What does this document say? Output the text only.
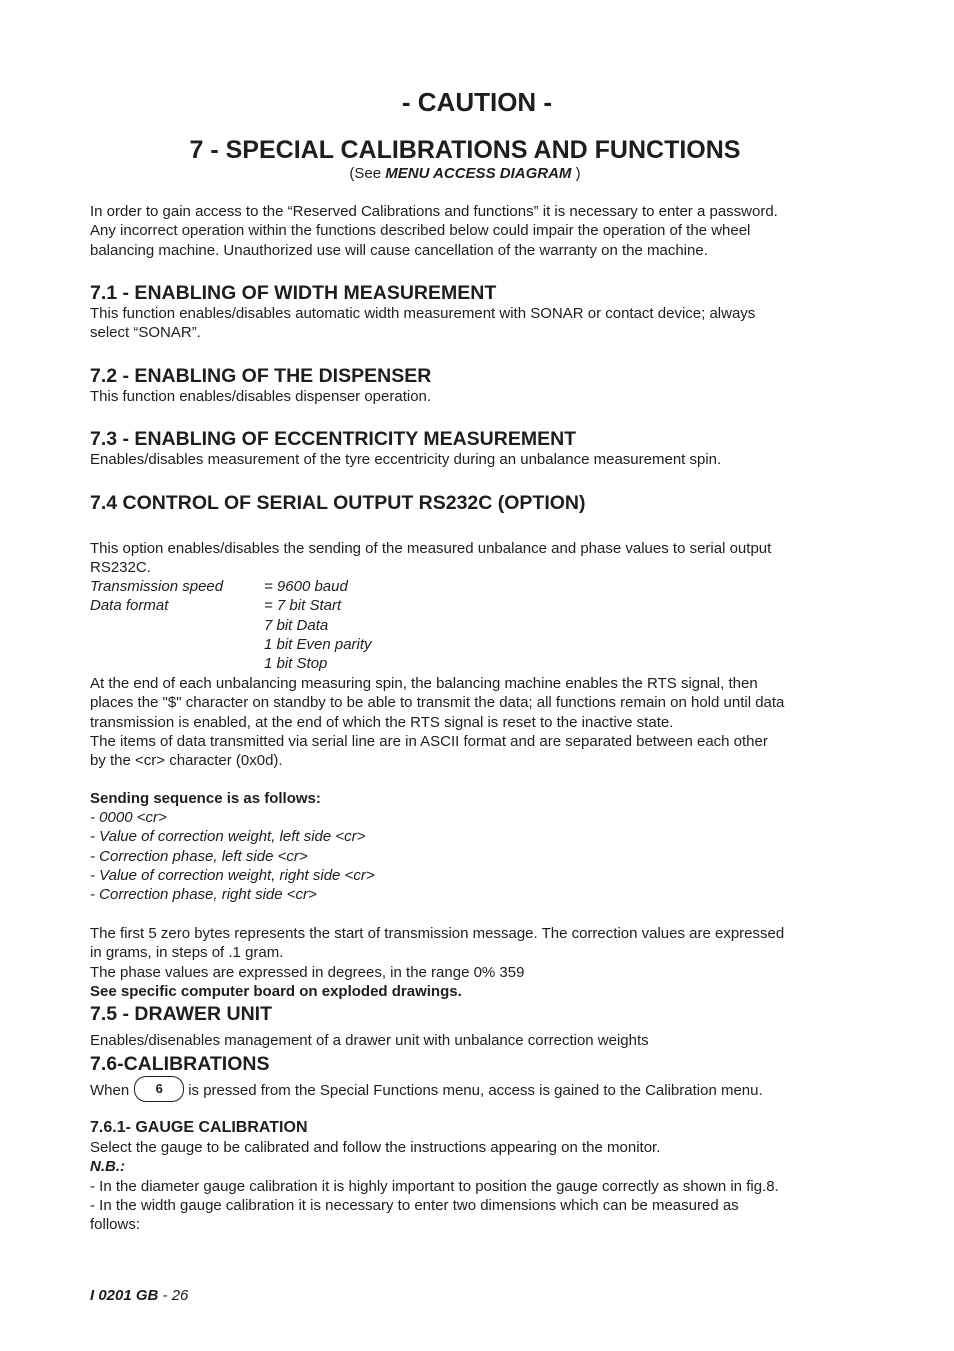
- CAUTION -
7 - SPECIAL CALIBRATIONS AND FUNCTIONS
(See MENU ACCESS DIAGRAM )
In order to gain access to the “Reserved Calibrations and functions” it is necessary to enter a password.
Any incorrect operation within the functions described below could impair the operation of the wheel
balancing machine. Unauthorized use will cause cancellation of the warranty on the machine.
7.1 - ENABLING OF WIDTH MEASUREMENT
This function enables/disables automatic width measurement with SONAR or contact device; always
select “SONAR”.
7.2 - ENABLING OF THE DISPENSER
This function enables/disables dispenser operation.
7.3 - ENABLING OF ECCENTRICITY MEASUREMENT
Enables/disables measurement of the tyre eccentricity during an unbalance measurement spin.
7.4 CONTROL OF SERIAL OUTPUT RS232C (OPTION)
This option enables/disables the sending of the measured unbalance and phase values to serial output
RS232C.
Transmission speed	= 9600 baud
Data format	= 7 bit Start
7 bit Data
1 bit Even parity
1 bit Stop
At the end of each unbalancing measuring spin, the balancing machine enables the RTS signal, then
places the "$" character on standby to be able to transmit the data; all functions remain on hold until data
transmission is enabled, at the end of which the RTS signal is reset to the inactive state.
The items of data transmitted via serial line are in ASCII format and are separated between each other
by the <cr> character (0x0d).
Sending sequence is as follows:
- 0000 <cr>
- Value of correction weight, left side <cr>
- Correction phase, left side <cr>
- Value of correction weight, right side <cr>
- Correction phase, right side <cr>
The first 5 zero bytes represents the start of transmission message. The correction values are expressed
in grams, in steps of .1 gram.
The phase values are expressed in degrees, in the range 0% 359
See specific computer board on exploded drawings.
7.5 - DRAWER UNIT
Enables/disenables management of a drawer unit with unbalance correction weights
7.6-CALIBRATIONS
When 6 is pressed from the Special Functions menu, access is gained to the Calibration menu.
7.6.1- GAUGE CALIBRATION
Select the gauge to be calibrated and follow the instructions appearing on the monitor.
N.B.:
- In the diameter gauge calibration it is highly important to position the gauge correctly as shown in fig.8.
- In the width gauge calibration it is necessary to enter two dimensions which can be measured as
follows:
I 0201 GB - 26
